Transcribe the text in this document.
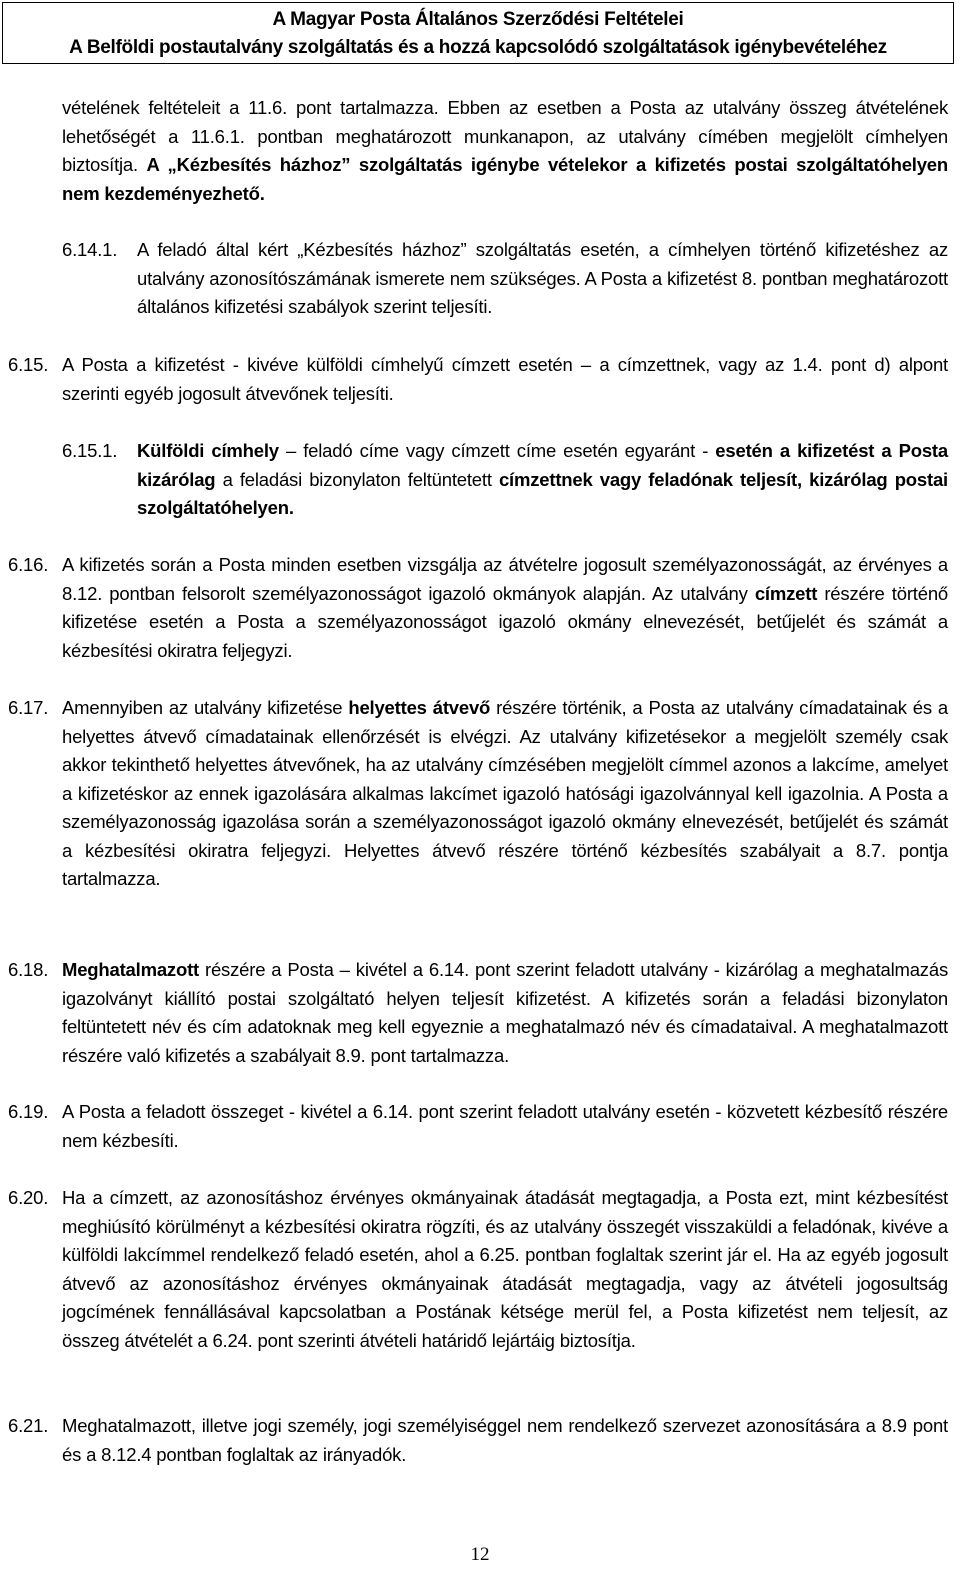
A Magyar Posta Általános Szerződési Feltételei
A Belföldi postautalvány szolgáltatás és a hozzá kapcsolódó szolgáltatások igénybevételéhez
vételének feltételeit a 11.6. pont tartalmazza. Ebben az esetben a Posta az utalvány összeg átvételének lehetőségét a 11.6.1. pontban meghatározott munkanapon, az utalvány címében megjelölt címhelyen biztosítja. A „Kézbesítés házhoz” szolgáltatás igénybe vételekor a kifizetés postai szolgáltatóhelyen nem kezdeményezhető.
6.14.1. A feladó által kért „Kézbesítés házhoz” szolgáltatás esetén, a címhelyen történő kifizetéshez az utalvány azonosítószámának ismerete nem szükséges. A Posta a kifizetést 8. pontban meghatározott általános kifizetési szabályok szerint teljesíti.
6.15. A Posta a kifizetést - kivéve külföldi címhelyű címzett esetén – a címzettnek, vagy az 1.4. pont d) alpont szerinti egyéb jogosult átvevőnek teljesíti.
6.15.1. Külföldi címhely – feladó címe vagy címzett címe esetén egyaránt - esetén a kifizetést a Posta kizárólag a feladási bizonylaton feltüntetett címzettnek vagy feladónak teljesít, kizárólag postai szolgáltatóhelyen.
6.16. A kifizetés során a Posta minden esetben vizsgálja az átvételre jogosult személyazonosságát, az érvényes a 8.12. pontban felsorolt személyazonosságot igazoló okmányok alapján. Az utalvány címzett részére történő kifizetése esetén a Posta a személyazonosságot igazoló okmány elnevezését, betűjelét és számát a kézbesítési okiratra feljegyzi.
6.17. Amennyiben az utalvány kifizetése helyettes átvevő részére történik, a Posta az utalvány címadatainak és a helyettes átvevő címadatainak ellenőrzését is elvégzi. Az utalvány kifizetésekor a megjelölt személy csak akkor tekinthető helyettes átvevőnek, ha az utalvány címzésében megjelölt címmel azonos a lakcíme, amelyet a kifizetéskor az ennek igazolására alkalmas lakcímet igazoló hatósági igazolvánnyal kell igazolnia. A Posta a személyazonosság igazolása során a személyazonosságot igazoló okmány elnevezését, betűjelét és számát a kézbesítési okiratra feljegyzi. Helyettes átvevő részére történő kézbesítés szabályait a 8.7. pontja tartalmazza.
6.18. Meghatalmazott részére a Posta – kivétel a 6.14. pont szerint feladott utalvány - kizárólag a meghatalmazás igazolványt kiállító postai szolgáltató helyen teljesít kifizetést. A kifizetés során a feladási bizonylaton feltüntetett név és cím adatoknak meg kell egyeznie a meghatalmazó név és címadataival. A meghatalmazott részére való kifizetés a szabályait 8.9. pont tartalmazza.
6.19. A Posta a feladott összeget - kivétel a 6.14. pont szerint feladott utalvány esetén - közvetett kézbesítő részére nem kézbesíti.
6.20. Ha a címzett, az azonosításhoz érvényes okmányainak átadását megtagadja, a Posta ezt, mint kézbesítést meghiúsító körülményt a kézbesítési okiratra rögzíti, és az utalvány összegét visszaküldi a feladónak, kivéve a külföldi lakcímmel rendelkező feladó esetén, ahol a 6.25. pontban foglaltak szerint jár el. Ha az egyéb jogosult átvevő az azonosításhoz érvényes okmányainak átadását megtagadja, vagy az átvételi jogosultság jogcímének fennállásával kapcsolatban a Postának kétsége merül fel, a Posta kifizetést nem teljesít, az összeg átvételét a 6.24. pont szerinti átvételi határidő lejártáig biztosítja.
6.21. Meghatalmazott, illetve jogi személy, jogi személyiséggel nem rendelkező szervezet azonosítására a 8.9 pont és a 8.12.4 pontban foglaltak az irányadók.
12
